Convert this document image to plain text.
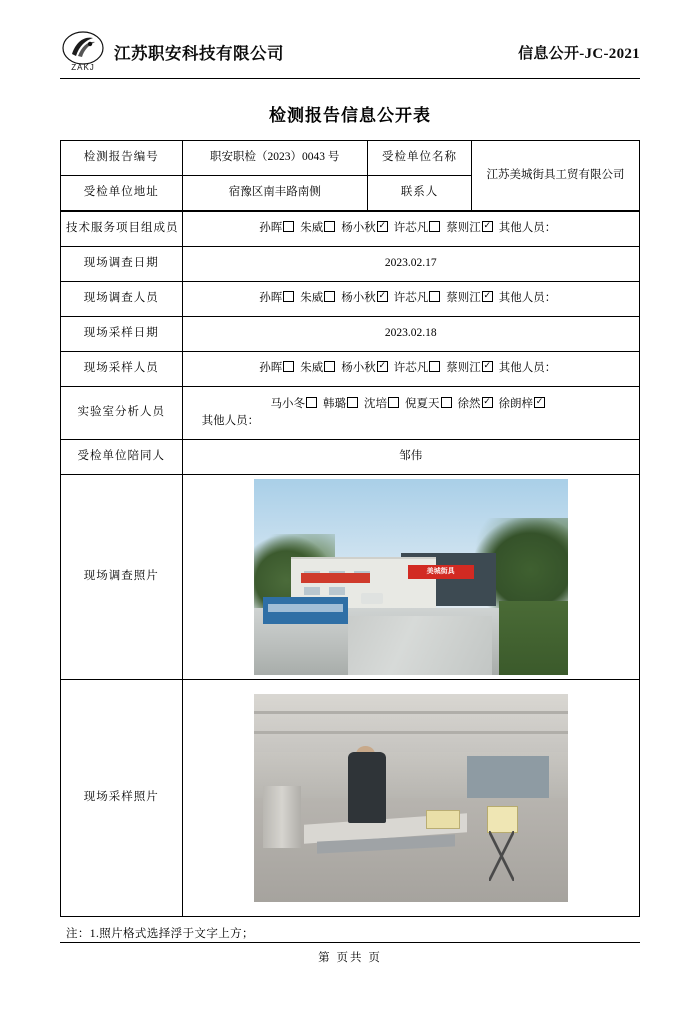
ZAKJ
江苏职安科技有限公司	信息公开-JC-2021
检测报告信息公开表
检测报告编号	职安职检（2023）0043 号	受检单位名称	江苏美城街具工贸有限公司
受检单位地址	宿豫区南丰路南侧	联系人	

技术服务项目组成员	孙晖 朱威 杨小秋 ✓ 许芯凡 蔡则江 ✓ 其他人员：

现场调查日期	2023.02.17		
现场调查人员	孙晖 朱威 杨小秋 ✓ 许芯凡 蔡则江 ✓ 其他人员：

现场采样日期	2023.02.18		
现场采样人员	孙晖 朱威 杨小秋 ✓ 许芯凡 蔡则江 ✓ 其他人员：

实验室分析人员	马小冬 韩璐 沈培 倪夏天 徐然 ✓ 徐朗梓✓
其他人员：

受检单位陪同人	邹伟		
现场调查照片	美城街具		

现场采样照片			
注：1.照片格式选择浮于文字上方；
第 页共 页
